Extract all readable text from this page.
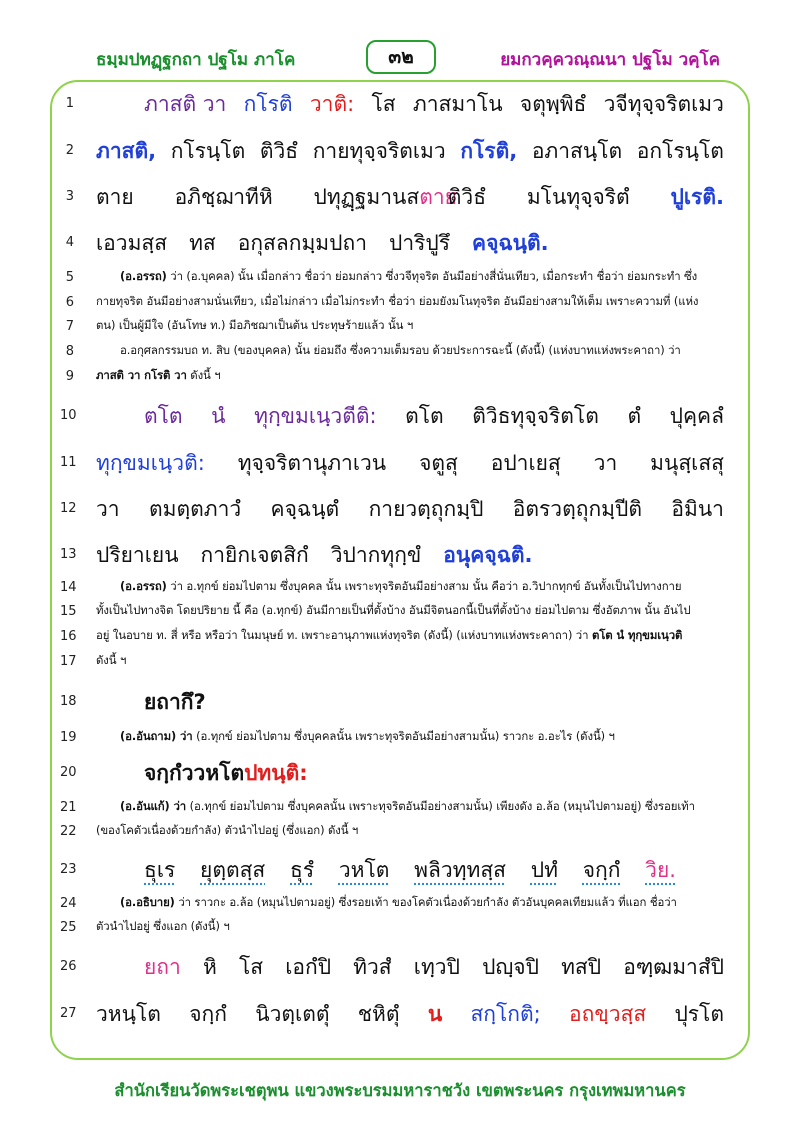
ธมฺมปทฏฺฐกถา ปฐโม ภาโค	๓๒	ยมกวคฺควณฺณนา ปฐโม วคฺโค
1
2
3
4
5
6
7
8
9
10
11
12
13
14
15
16
17
18
19
20
21
22
23
24
25
26
27
ภาสติ วา กโรติ วาติ: โส ภาสมาโน จตุพฺพิธํ วจีทุจฺจริตเมว
ภาสติ, กโรนฺโต ติวิธํ กายทุจฺจริตเมว กโรติ, อภาสนฺโต อกโรนฺโต
ตาย อภิชฺฌาทีหิ ปทุฏฺฐมานสตาย
ติวิธํ มโนทุจฺจริตํ ปูเรติ.
เอวมสฺส ทส อกุสลกมฺมปถา ปาริปูรึ คจฺฉนฺติ.
(อ.อรรถ) ว่า (อ.บุคคล) นั้น เมื่อกล่าว ชื่อว่า ย่อมกล่าว ซึ่งวจีทุจริต อันมีอย่างสี่นั่นเทียว, เมื่อกระทำ ชื่อว่า ย่อมกระทำ ซึ่ง
กายทุจริต อันมีอย่างสามนั่นเทียว, เมื่อไม่กล่าว เมื่อไม่กระทำ ชื่อว่า ย่อมยังมโนทุจริต อันมีอย่างสามให้เต็ม เพราะความที่ (แห่ง
ตน) เป็นผู้มีใจ (อันโทษ ท.) มีอภิชฌาเป็นต้น ประทุษร้ายแล้ว นั้น ฯ
อ.อกุศลกรรมบถ ท. สิบ (ของบุคคล) นั้น ย่อมถึง ซึ่งความเต็มรอบ ด้วยประการฉะนี้ (ดังนี้) (แห่งบาทแห่งพระคาถา) ว่า
ภาสติ วา กโรติ วา ดังนี้ ฯ
ตโต นํ ทุกฺขมเนฺวตีติ: ตโต ติวิธทุจฺจริตโต ตํ ปุคฺคลํ
ทุกฺขมเนฺวติ: ทุจฺจริตานุภาเวน จตูสุ อปาเยสุ วา มนุสฺเสสุ
วา ตมตฺตภาวํ คจฺฉนฺตํ กายวตฺถุกมฺปิ อิตรวตฺถุกมฺปีติ อิมินา
ปริยาเยน กายิกเจตสิกํ วิปากทุกฺขํ อนุคจฺฉติ.
(อ.อรรถ) ว่า อ.ทุกข์ ย่อมไปตาม ซึ่งบุคคล นั้น เพราะทุจริตอันมีอย่างสาม นั้น คือว่า อ.วิปากทุกข์ อันทั้งเป็นไปทางกาย
ทั้งเป็นไปทางจิต โดยปริยาย นี้ คือ (อ.ทุกข์) อันมีกายเป็นที่ตั้งบ้าง อันมีจิตนอกนี้เป็นที่ตั้งบ้าง ย่อมไปตาม ซึ่งอัตภาพ นั้น อันไป
อยู่ ในอบาย ท. สี่ หรือ หรือว่า ในมนุษย์ ท. เพราะอานุภาพแห่งทุจริต (ดังนี้) (แห่งบาทแห่งพระคาถา) ว่า ตโต นํ ทุกฺขมเนฺวติ
ดังนี้ ฯ
ยถากึ?
(อ.อันถาม) ว่า (อ.ทุกข์ ย่อมไปตาม ซึ่งบุคคลนั้น เพราะทุจริตอันมีอย่างสามนั้น) ราวกะ อ.อะไร (ดังนี้) ฯ
จกฺกํว วหโต ปทนฺติ:
(อ.อันแก้) ว่า (อ.ทุกข์ ย่อมไปตาม ซึ่งบุคคลนั้น เพราะทุจริตอันมีอย่างสามนั้น) เพียงดัง อ.ล้อ (หมุนไปตามอยู่) ซึ่งรอยเท้า
(ของโคตัวเนื่องด้วยกำลัง) ตัวนำไปอยู่ (ซึ่งแอก) ดังนี้ ฯ
ธุเร ยุตฺตสฺส ธุรํ วหโต พลิวทฺทสฺส ปทํ จกฺกํ วิย.
(อ.อธิบาย) ว่า ราวกะ อ.ล้อ (หมุนไปตามอยู่) ซึ่งรอยเท้า ของโคตัวเนื่องด้วยกำลัง ตัวอันบุคคลเทียมแล้ว ที่แอก ชื่อว่า
ตัวนำไปอยู่ ซึ่งแอก (ดังนี้) ฯ
ยถา หิ โส เอกํปิ ทิวสํ เทฺวปิ ปญฺจปิ ทสปิ อฑฺฒมาสํปิ
วหนฺโต จกฺกํ นิวตฺเตตุํ ชหิตุํ น สกฺโกติ; อถขฺวสฺส ปุรโต
สำนักเรียนวัดพระเชตุพน แขวงพระบรมมหาราชวัง เขตพระนคร กรุงเทพมหานคร
